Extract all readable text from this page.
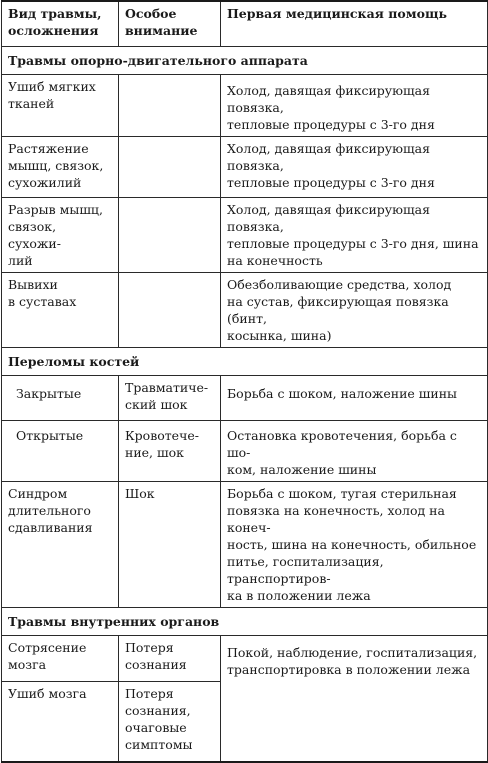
Вид травмы,
осложнения	Особое
внимание	Первая медицинская помощь

Травмы опорно-двигательного аппарата		

Ушиб мягких
тканей		Холод, давящая фиксирующая повязка,
тепловые процедуры с 3-го дня

Растяжение
мышц, связок,
сухожилий		Холод, давящая фиксирующая повязка,
тепловые процедуры с 3-го дня

Разрыв мышц,
связок, сухожи-
лий		Холод, давящая фиксирующая повязка,
тепловые процедуры с 3-го дня, шина
на конечность

Вывихи
в суставах		Обезболивающие средства, холод
на сустав, фиксирующая повязка (бинт,
косынка, шина)

Переломы костей		

Закрытые	Травматиче-
ский шок	Борьба с шоком, наложение шины

Открытые	Кровотече-
ние, шок	Остановка кровотечения, борьба с шо-
ком, наложение шины

Синдром
длительного
сдавливания	Шок	Борьба с шоком, тугая стерильная
повязка на конечность, холод на конеч-
ность, шина на конечность, обильное
питье, госпитализация, транспортиров-
ка в положении лежа

Травмы внутренних органов		

Сотрясение
мозга	Потеря
сознания	Покой, наблюдение, госпитализация,
транспортировка в положении лежа

Ушиб мозга	Потеря
сознания,
очаговые
симптомы	
